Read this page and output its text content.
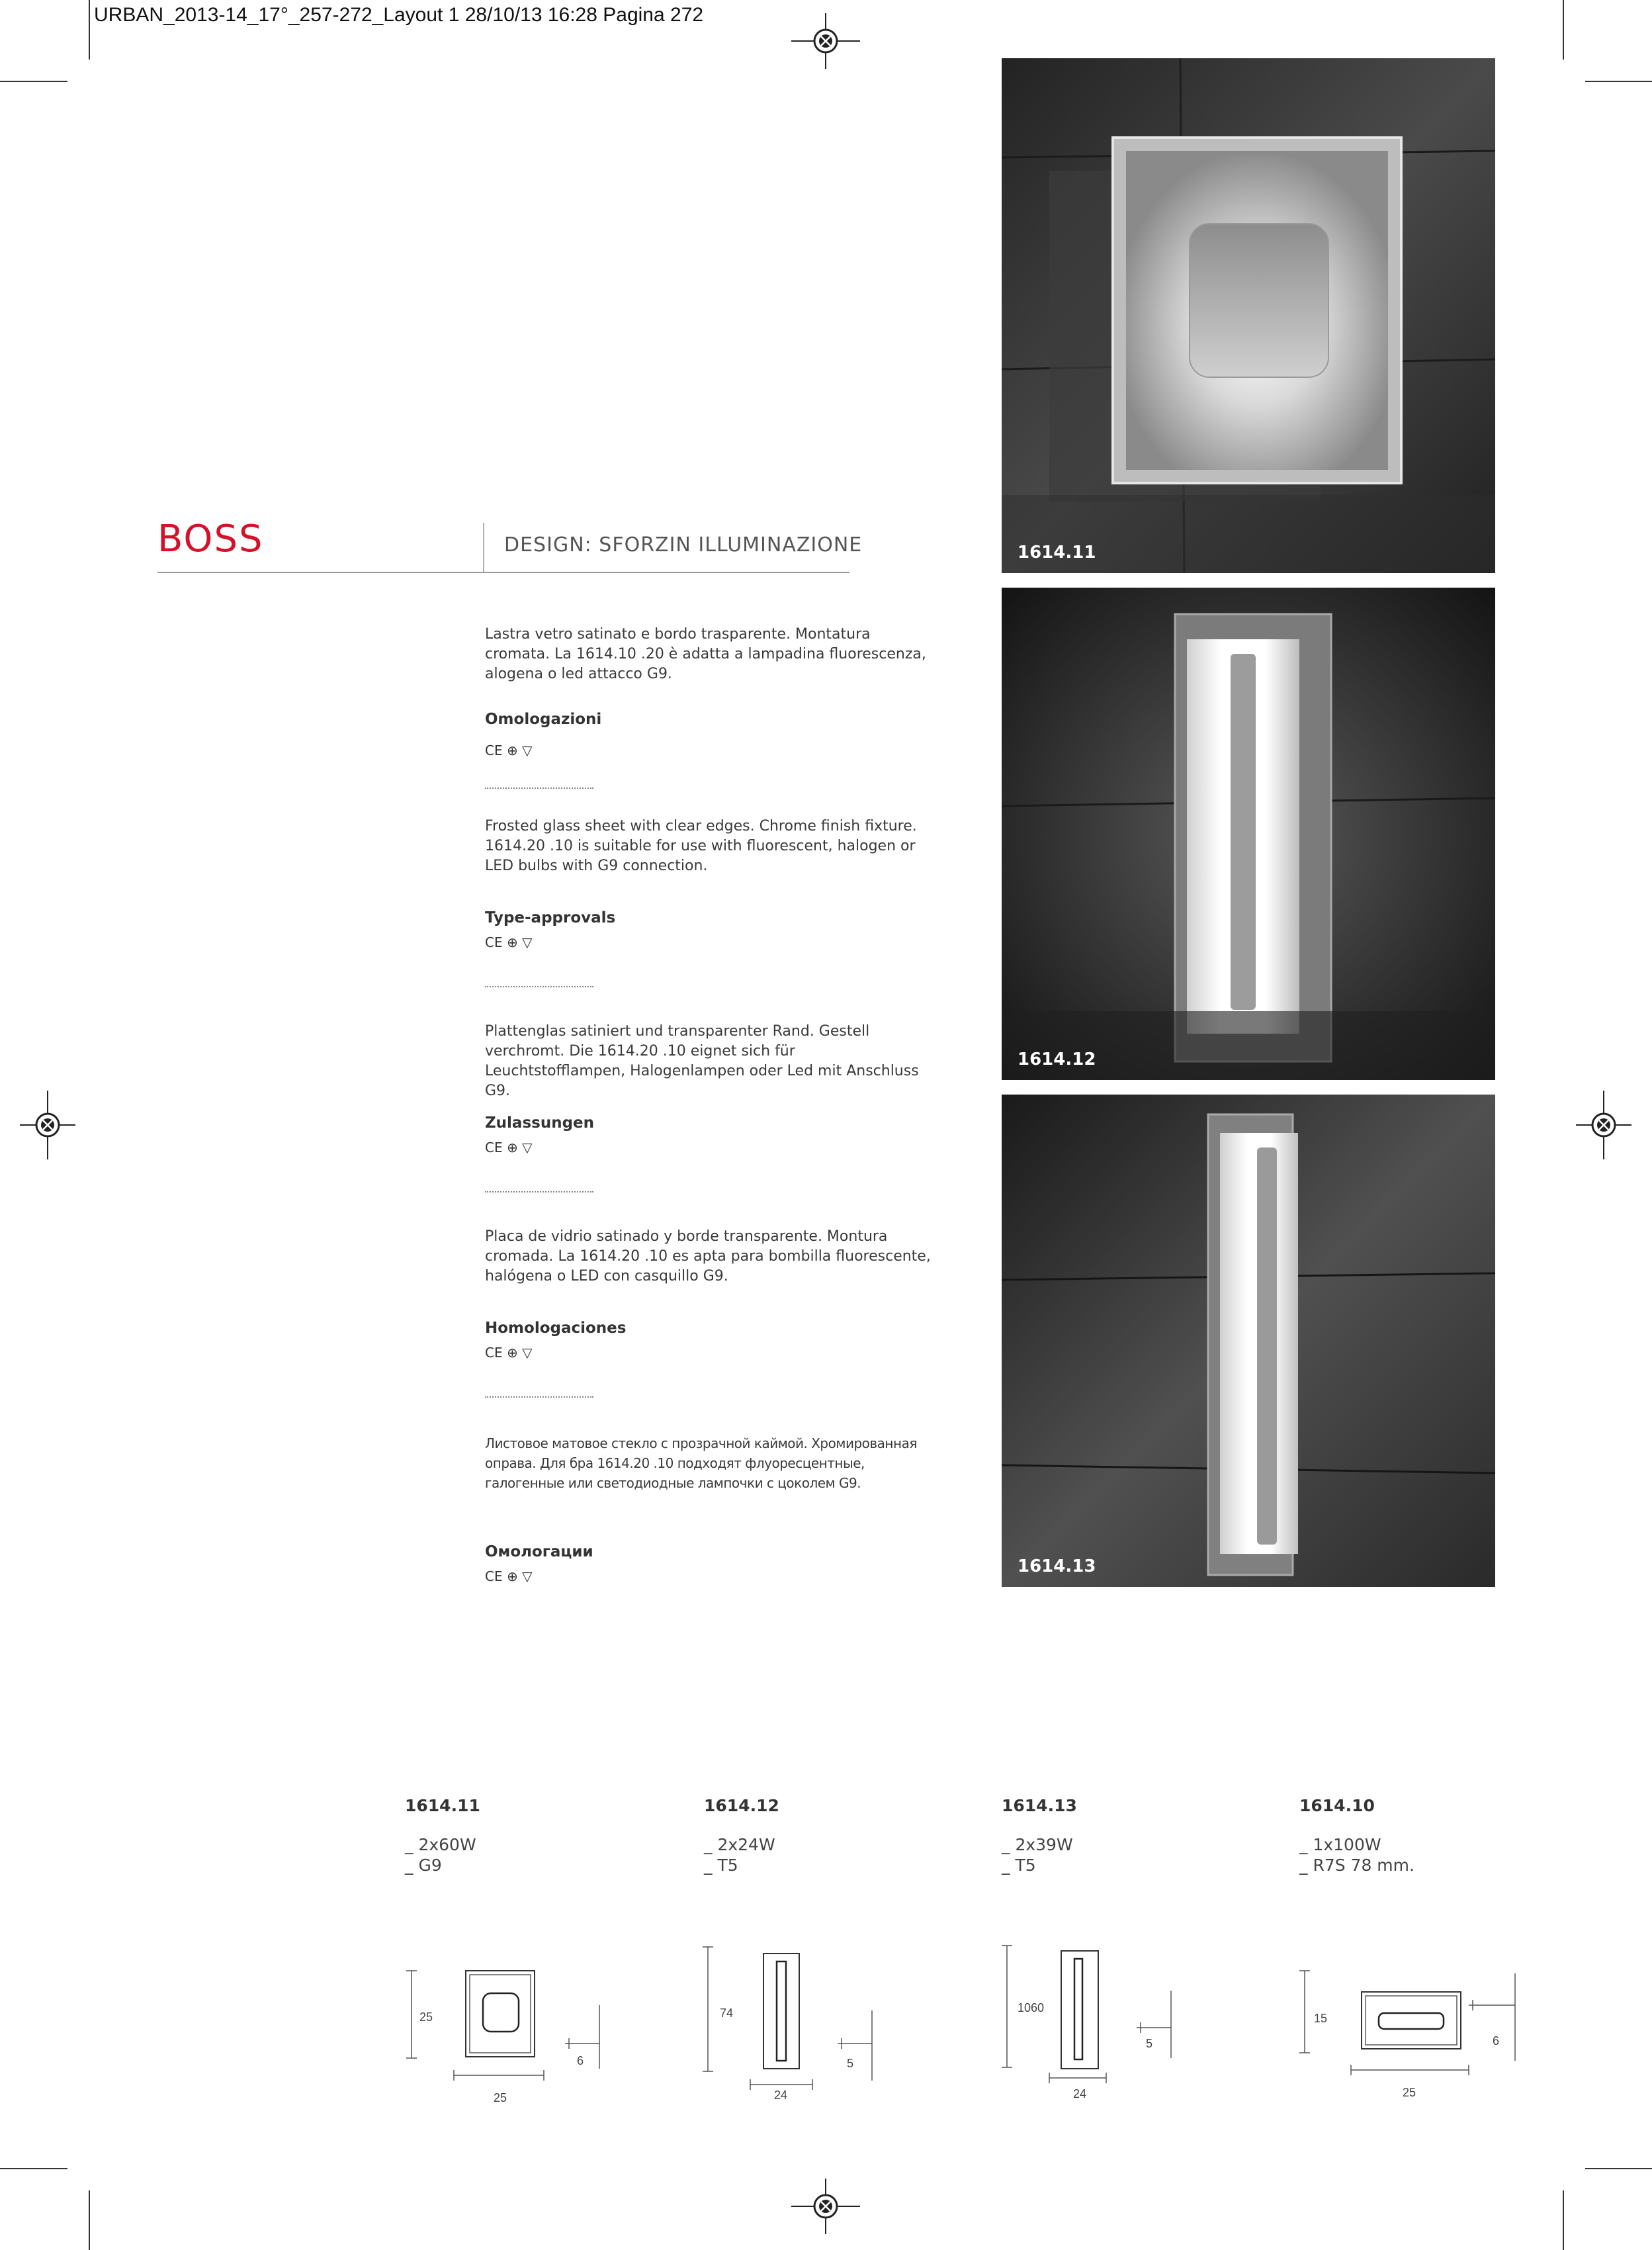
URBAN_2013-14_17°_257-272_Layout 1 28/10/13 16:28 Pagina 272
BOSS	DESIGN: SFORZIN ILLUMINAZIONE	1614.11
1614.12
1614.13
Lastra vetro satinato e bordo trasparente. Montatura cromata. La 1614.10 .20 è adatta a lampadina fluorescenza, alogena o led attacco G9.
Omologazioni
CE ⊕ ▽
Frosted glass sheet with clear edges. Chrome finish fixture. 1614.20 .10 is suitable for use with fluorescent, halogen or LED bulbs with G9 connection.
Type-approvals
CE ⊕ ▽
Plattenglas satiniert und transparenter Rand. Gestell verchromt. Die 1614.20 .10 eignet sich für Leuchtstofflampen, Halogenlampen oder Led mit Anschluss G9.
Zulassungen
CE ⊕ ▽
Placa de vidrio satinado y borde transparente. Montura cromada. La 1614.20 .10 es apta para bombilla fluorescente, halógena o LED con casquillo G9.
Homologaciones
CE ⊕ ▽
Листовое матовое стекло с прозрачной каймой. Хромированная оправа. Для бра 1614.20 .10 подходят флуоресцентные, галогенные или светодиодные лампочки с цоколем G9.
Омологации
CE ⊕ ▽
1614.11
_ 2x60W
_ G9
1614.12
_ 2x24W
_ T5
1614.13
_ 2x39W
_ T5
1614.10
_ 1x100W
_ R7S 78 mm.
25
25
6
74
24
5
1060
24
5
15
25
6
